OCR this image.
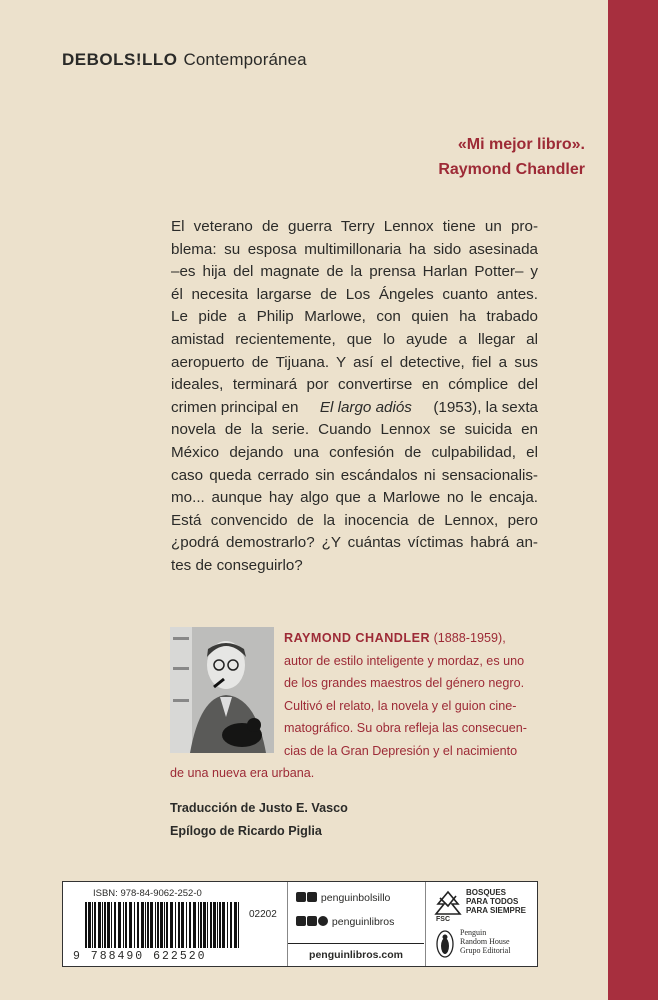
DEBOLS!LLO Contemporánea
«Mi mejor libro».
Raymond Chandler
El veterano de guerra Terry Lennox tiene un pro-
blema: su esposa multimillonaria ha sido asesinada
–es hija del magnate de la prensa Harlan Potter– y
él necesita largarse de Los Ángeles cuanto antes.
Le pide a Philip Marlowe, con quien ha trabado
amistad recientemente, que lo ayude a llegar al
aeropuerto de Tijuana. Y así el detective, fiel a sus
ideales, terminará por convertirse en cómplice del
crimen principal en El largo adiós (1953), la sexta
novela de la serie. Cuando Lennox se suicida en
México dejando una confesión de culpabilidad, el
caso queda cerrado sin escándalos ni sensacionalis-
mo... aunque hay algo que a Marlowe no le encaja.
Está convencido de la inocencia de Lennox, pero
¿podrá demostrarlo? ¿Y cuántas víctimas habrá an-
tes de conseguirlo?
RAYMOND CHANDLER (1888-1959),
autor de estilo inteligente y mordaz, es uno
de los grandes maestros del género negro.
Cultivó el relato, la novela y el guion cine-
matográfico. Su obra refleja las consecuen-
cias de la Gran Depresión y el nacimiento
de una nueva era urbana.
Traducción de Justo E. Vasco
Epílogo de Ricardo Piglia
ISBN: 978-84-9062-252-0
02202
9 788490 622520
penguinbolsillo
penguinlibros
penguinlibros.com
BOSQUES
PARA TODOS
PARA SIEMPRE
FSC
Penguin
Random House
Grupo Editorial
